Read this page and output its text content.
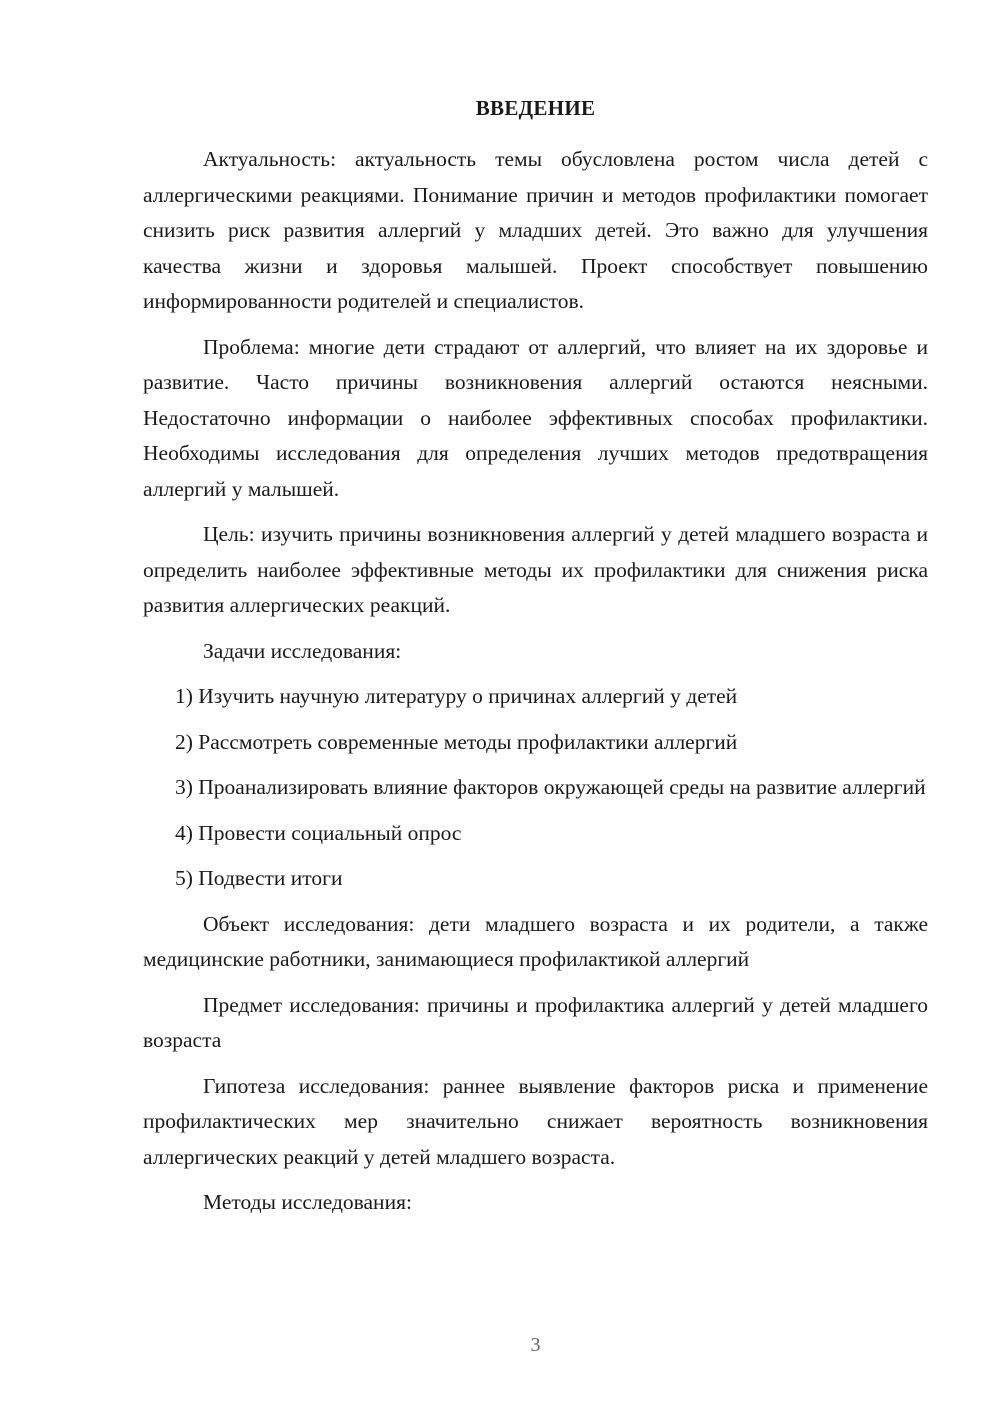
ВВЕДЕНИЕ

Актуальность: актуальность темы обусловлена ростом числа детей с аллергическими реакциями. Понимание причин и методов профилактики помогает снизить риск развития аллергий у младших детей. Это важно для улучшения качества жизни и здоровья малышей. Проект способствует повышению информированности родителей и специалистов.

Проблема: многие дети страдают от аллергий, что влияет на их здоровье и развитие. Часто причины возникновения аллергий остаются неясными. Недостаточно информации о наиболее эффективных способах профилактики. Необходимы исследования для определения лучших методов предотвращения аллергий у малышей.

Цель: изучить причины возникновения аллергий у детей младшего возраста и определить наиболее эффективные методы их профилактики для снижения риска развития аллергических реакций.

Задачи исследования:

1) Изучить научную литературу о причинах аллергий у детей

2) Рассмотреть современные методы профилактики аллергий

3) Проанализировать влияние факторов окружающей среды на развитие аллергий

4) Провести социальный опрос

5) Подвести итоги

Объект исследования: дети младшего возраста и их родители, а также медицинские работники, занимающиеся профилактикой аллергий

Предмет исследования: причины и профилактика аллергий у детей младшего возраста

Гипотеза исследования: раннее выявление факторов риска и применение профилактических мер значительно снижает вероятность возникновения аллергических реакций у детей младшего возраста.

Методы исследования:

3
